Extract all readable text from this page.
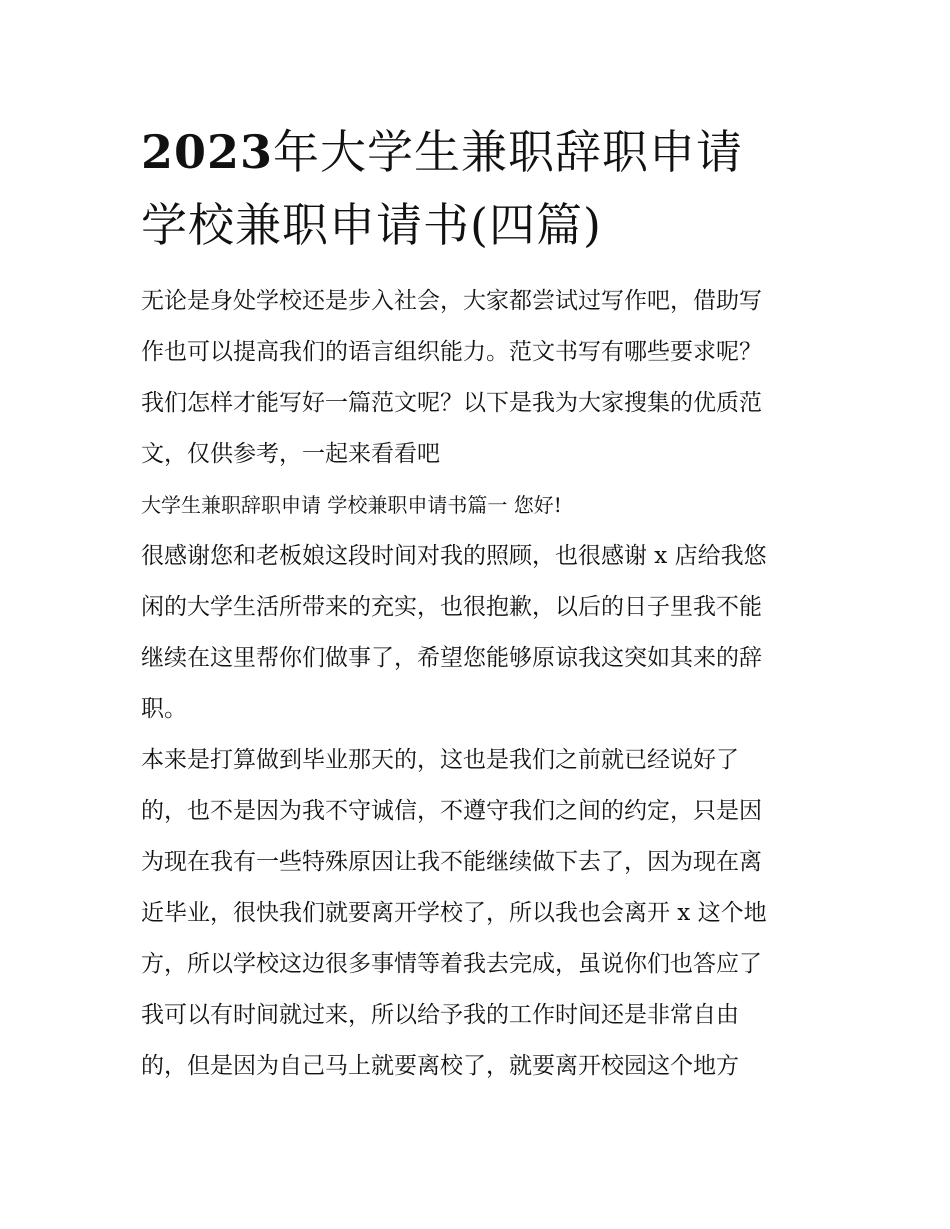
2023年大学生兼职辞职申请
学校兼职申请书(四篇)
无论是身处学校还是步入社会，大家都尝试过写作吧，借助写
作也可以提高我们的语言组织能力。范文书写有哪些要求呢？
我们怎样才能写好一篇范文呢？以下是我为大家搜集的优质范
文，仅供参考，一起来看看吧
大学生兼职辞职申请 学校兼职申请书篇一 您好!
很感谢您和老板娘这段时间对我的照顾，也很感谢 x 店给我悠
闲的大学生活所带来的充实，也很抱歉，以后的日子里我不能
继续在这里帮你们做事了，希望您能够原谅我这突如其来的辞
职。
本来是打算做到毕业那天的，这也是我们之前就已经说好了
的，也不是因为我不守诚信，不遵守我们之间的约定，只是因
为现在我有一些特殊原因让我不能继续做下去了，因为现在离
近毕业，很快我们就要离开学校了，所以我也会离开 x 这个地
方，所以学校这边很多事情等着我去完成，虽说你们也答应了
我可以有时间就过来，所以给予我的工作时间还是非常自由
的，但是因为自己马上就要离校了，就要离开校园这个地方
